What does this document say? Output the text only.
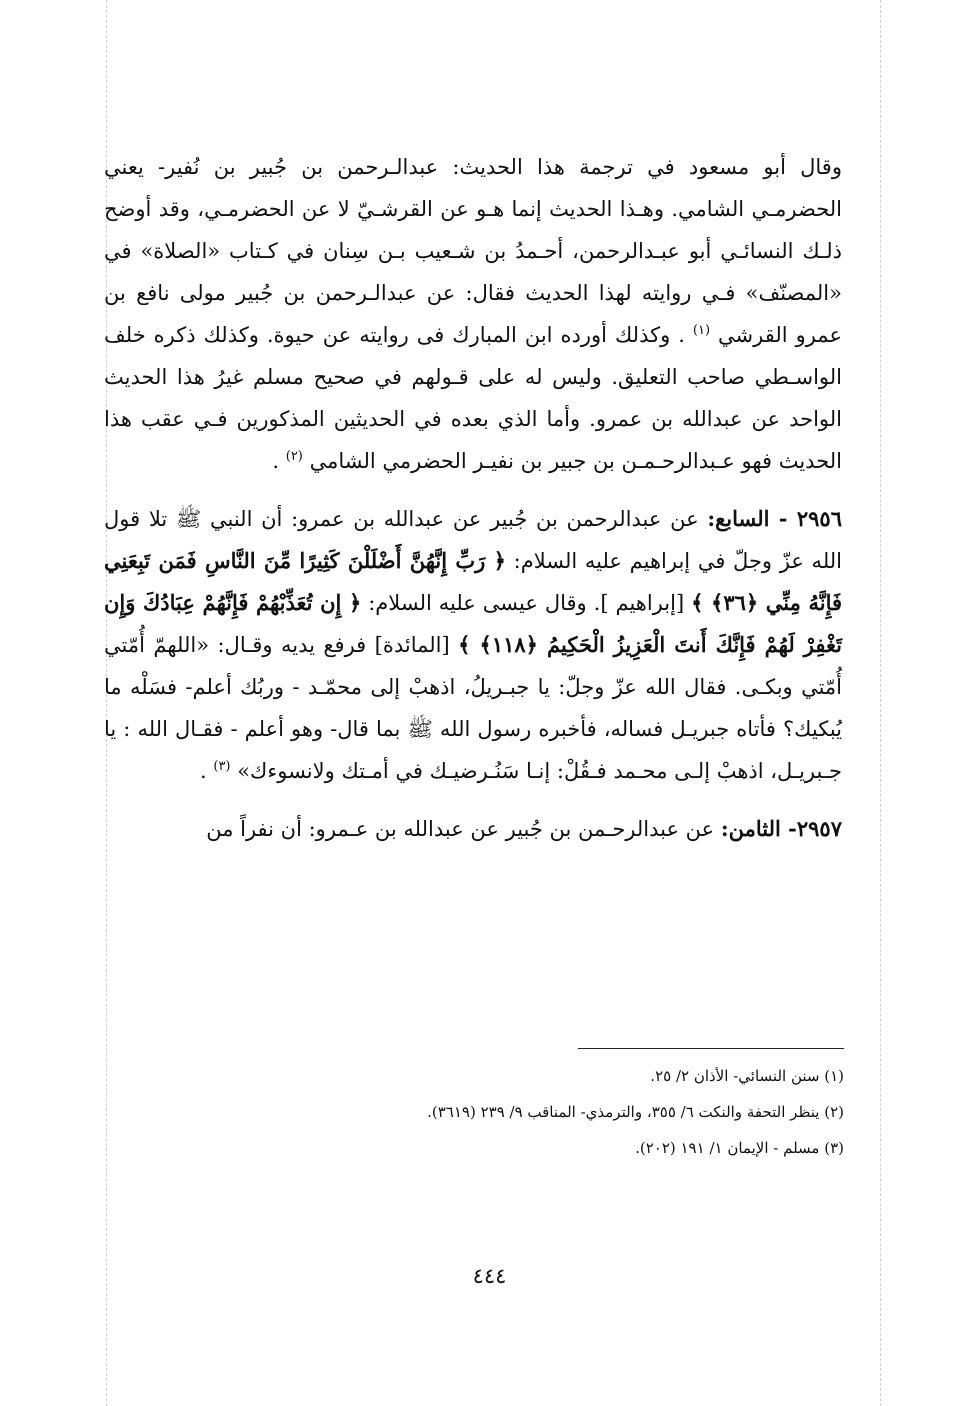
وقال أبو مسعود في ترجمة هذا الحديث: عبدالـرحمن بن جُبير بن نُفير- يعني الحضرمـي الشامي. وهـذا الحديث إنما هـو عن القرشـيّ لا عن الحضرمـي، وقد أوضح ذلـك النسائـي أبو عبـدالرحمن، أحـمدُ بن شـعيب بـن سِنان في كـتاب «الصلاة» في «المصنّف» فـي روايته لهذا الحديث فقال: عن عبدالـرحمن بن جُبير مولى نافع بن عمرو القرشي $^{(١)}$ . وكذلك أورده ابن المبارك فى روايته عن حيوة. وكذلك ذكره خلف الواسـطي صاحب التعليق. وليس له على قـولهم في صحيح مسلم غيرُ هذا الحديث الواحد عن عبدالله بن عمرو. وأما الذي بعده في الحديثين المذكورين فـي عقب هذا الحديث فهو عـبدالرحـمـن بن جبير بن نفيـر الحضرمي الشامي $^{(٢)}$ .

٢٩٥٦ - السابع: عن عبدالرحمن بن جُبير عن عبدالله بن عمرو: أن النبي ﷺ تلا قول الله عزّ وجلّ في إبراهيم عليه السلام: ﴿ رَبِّ إِنَّهُنَّ أَضْلَلْنَ كَثِيرًا مِّنَ النَّاسِ فَمَن تَبِعَنِي فَإِنَّهُ مِنِّي ﴿٣٦﴾ ﴾ [إبراهيم ]. وقال عيسى عليه السلام: ﴿ إِن تُعَذِّبْهُمْ فَإِنَّهُمْ عِبَادُكَ وَإِن تَغْفِرْ لَهُمْ فَإِنَّكَ أَنتَ الْعَزِيزُ الْحَكِيمُ ﴿١١٨﴾ ﴾ [المائدة] فرفع يديه وقـال: «اللهمّ أُمّتي أُمّتي وبكـى. فقال الله عزّ وجلّ: يا جبـريلُ، اذهبْ إلى محمّـد - وربُك أعلم- فسَلْه ما يُبكيك؟ فأتاه جبريـل فساله، فأخبره رسول الله ﷺ بما قال- وهو أعلم - فقـال الله : يا جـبريـل، اذهبْ إلـى محـمد فـقُلْ: إنـا سَنُـرضيـك في أمـتك ولانسوءك» $^{(٣)}$ .

٢٩٥٧- الثامن: عن عبدالرحـمن بن جُبير عن عبدالله بن عـمرو: أن نفراً من

(١) سنن النسائي- الأذان ٢/ ٢٥.

(٢) ينظر التحفة والنكت ٦/ ٣٥٥، والترمذي- المناقب ٩/ ٢٣٩ (٣٦١٩).

(٣) مسلم - الإيمان ١/ ١٩١ (٢٠٢).

٤٤٤
